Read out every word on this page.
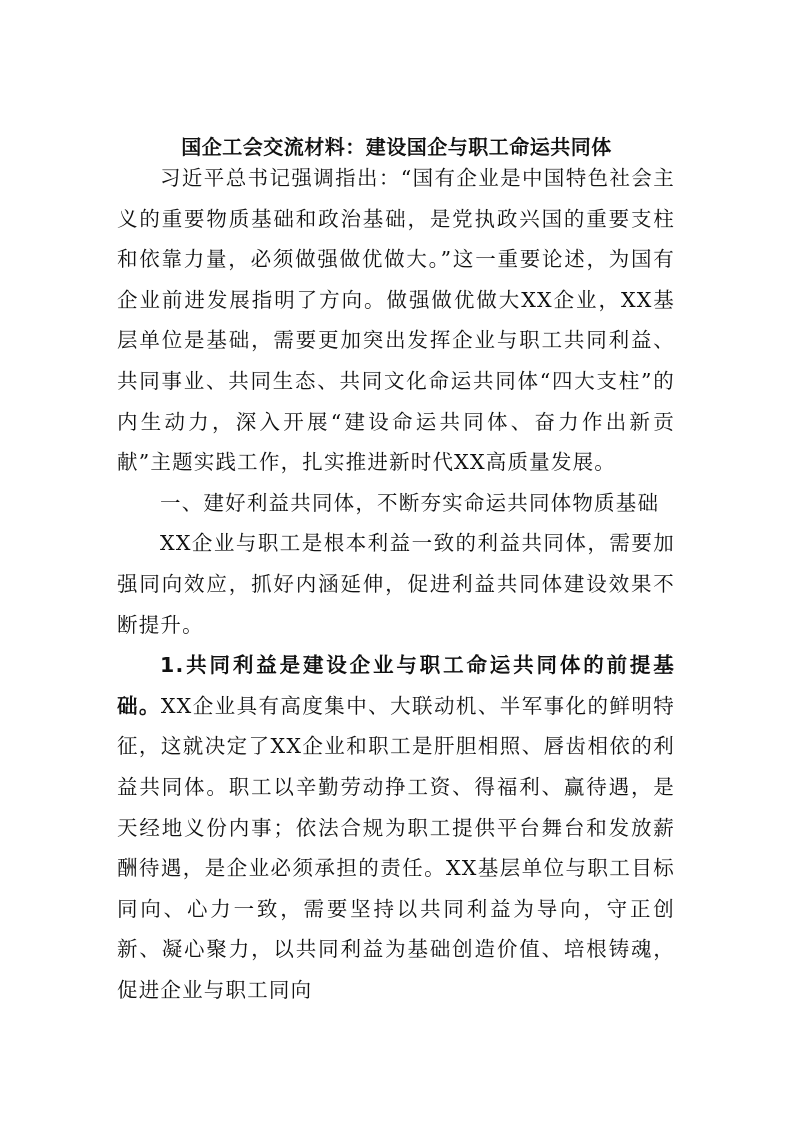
国企工会交流材料：建设国企与职工命运共同体

习近平总书记强调指出：“国有企业是中国特色社会主义的重要物质基础和政治基础，是党执政兴国的重要支柱和依靠力量，必须做强做优做大。”这一重要论述，为国有企业前进发展指明了方向。做强做优做大XX企业，XX基层单位是基础，需要更加突出发挥企业与职工共同利益、共同事业、共同生态、共同文化命运共同体“四大支柱”的内生动力，深入开展“建设命运共同体、奋力作出新贡献”主题实践工作，扎实推进新时代XX高质量发展。

一、建好利益共同体，不断夯实命运共同体物质基础

XX企业与职工是根本利益一致的利益共同体，需要加强同向效应，抓好内涵延伸，促进利益共同体建设效果不断提升。

1.共同利益是建设企业与职工命运共同体的前提基础。XX企业具有高度集中、大联动机、半军事化的鲜明特征，这就决定了XX企业和职工是肝胆相照、唇齿相依的利益共同体。职工以辛勤劳动挣工资、得福利、赢待遇，是天经地义份内事；依法合规为职工提供平台舞台和发放薪酬待遇，是企业必须承担的责任。XX基层单位与职工目标同向、心力一致，需要坚持以共同利益为导向，守正创新、凝心聚力，以共同利益为基础创造价值、培根铸魂，促进企业与职工同向
